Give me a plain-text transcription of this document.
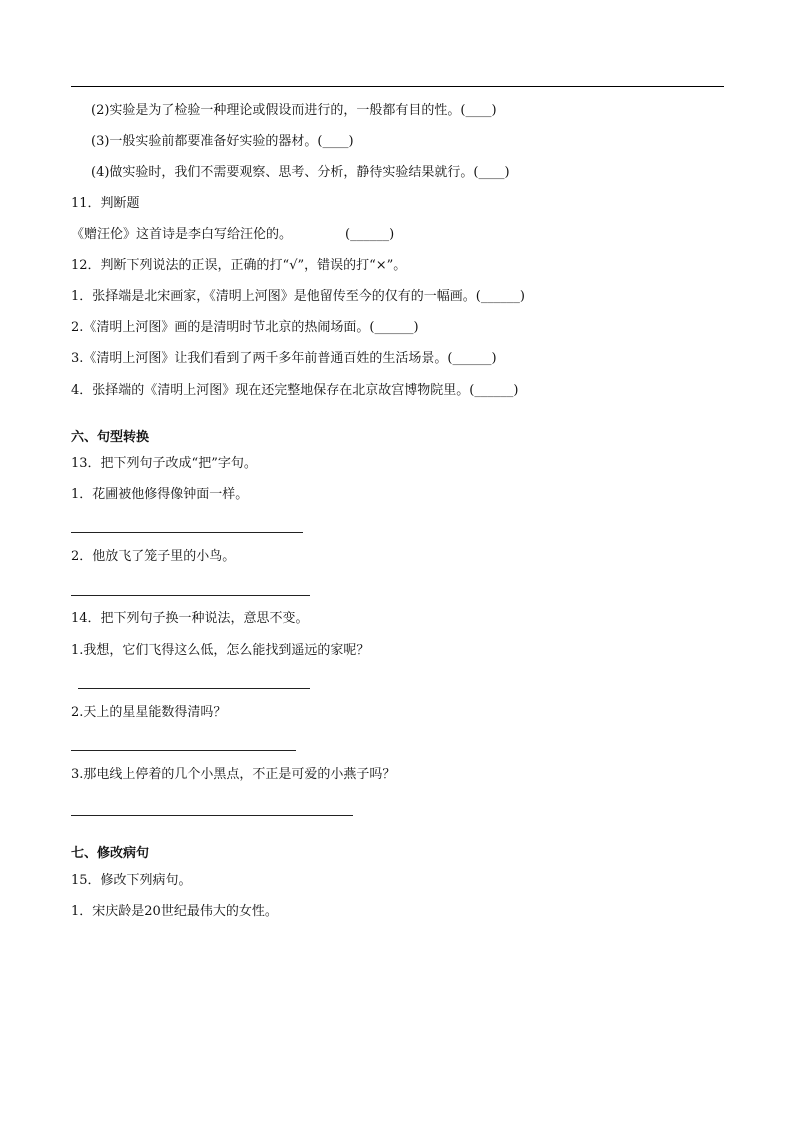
(2)实验是为了检验一种理论或假设而进行的，一般都有目的性。(____)
(3)一般实验前都要准备好实验的器材。(____)
(4)做实验时，我们不需要观察、思考、分析，静待实验结果就行。(____)
11．判断题
《赠汪伦》这首诗是李白写给汪伦的。	(______)
12．判断下列说法的正误，正确的打“√”，错误的打“×”。
1．张择端是北宋画家，《清明上河图》是他留传至今的仅有的一幅画。(______)
2.《清明上河图》画的是清明时节北京的热闹场面。(______)
3.《清明上河图》让我们看到了两千多年前普通百姓的生活场景。(______)
4．张择端的《清明上河图》现在还完整地保存在北京故宫博物院里。(______)
六、句型转换
13．把下列句子改成“把”字句。
1．花圃被他修得像钟面一样。
2．他放飞了笼子里的小鸟。
14．把下列句子换一种说法，意思不变。
1.我想，它们飞得这么低，怎么能找到遥远的家呢？
2.天上的星星能数得清吗？
3.那电线上停着的几个小黑点，不正是可爱的小燕子吗？
七、修改病句
15．修改下列病句。
1．宋庆龄是20世纪最伟大的女性。
